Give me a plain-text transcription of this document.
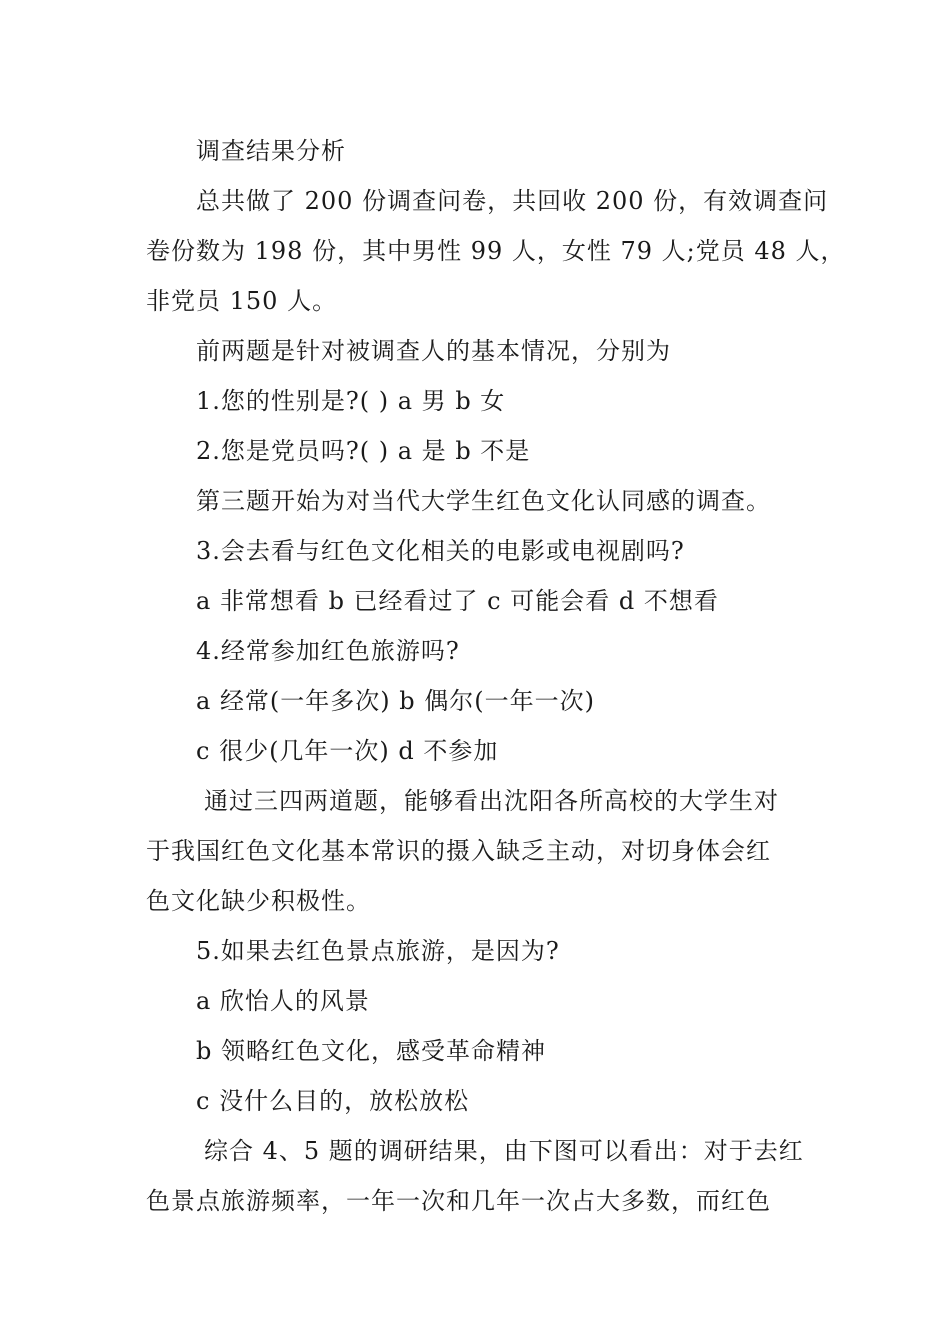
调查结果分析
总共做了 200 份调查问卷，共回收 200 份，有效调查问
卷份数为 198 份，其中男性 99 人，女性 79 人;党员 48 人，
非党员 150 人。
前两题是针对被调查人的基本情况，分别为
1.您的性别是?( ) a 男 b 女
2.您是党员吗?( ) a 是 b 不是
第三题开始为对当代大学生红色文化认同感的调查。
3.会去看与红色文化相关的电影或电视剧吗?
a 非常想看 b 已经看过了 c 可能会看 d 不想看
4.经常参加红色旅游吗?
a 经常(一年多次) b 偶尔(一年一次)
c 很少(几年一次) d 不参加
通过三四两道题，能够看出沈阳各所高校的大学生对
于我国红色文化基本常识的摄入缺乏主动，对切身体会红
色文化缺少积极性。
5.如果去红色景点旅游，是因为?
a 欣怡人的风景
b 领略红色文化，感受革命精神
c 没什么目的，放松放松
综合 4、5 题的调研结果，由下图可以看出：对于去红
色景点旅游频率，一年一次和几年一次占大多数，而红色
